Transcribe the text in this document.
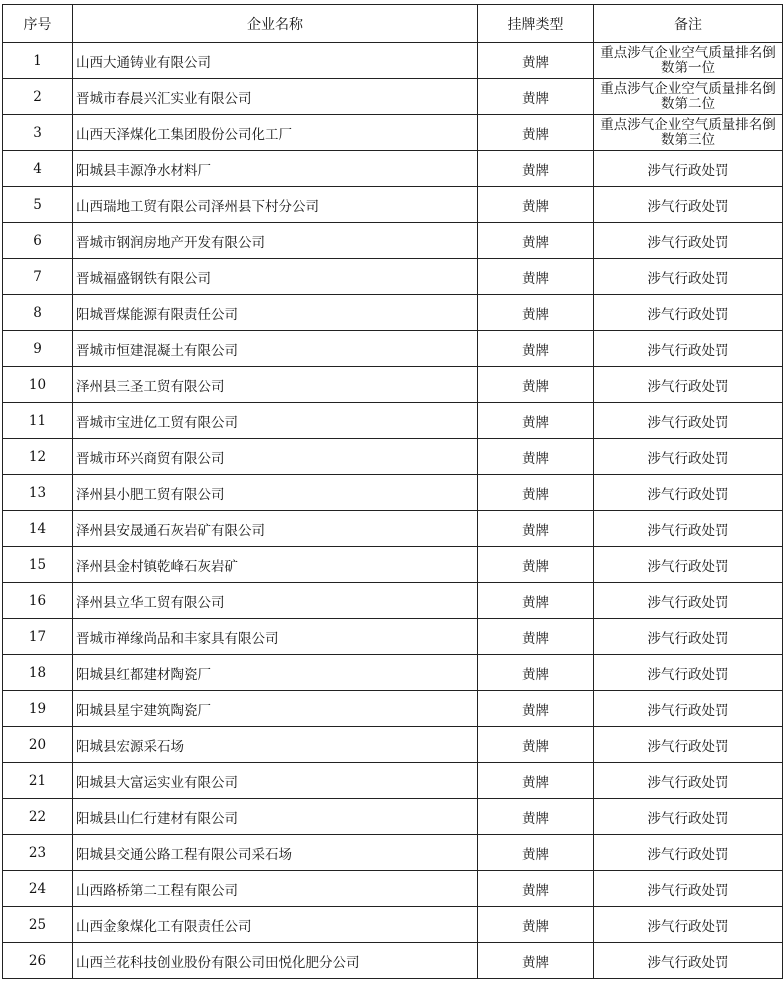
序号	企业名称	挂牌类型	备注
1	山西大通铸业有限公司	黄牌	重点涉气企业空气质量排名倒数第一位
2	晋城市春晨兴汇实业有限公司	黄牌	重点涉气企业空气质量排名倒数第二位
3	山西天泽煤化工集团股份公司化工厂	黄牌	重点涉气企业空气质量排名倒数第三位
4	阳城县丰源净水材料厂	黄牌	涉气行政处罚
5	山西瑞地工贸有限公司泽州县下村分公司	黄牌	涉气行政处罚
6	晋城市钢润房地产开发有限公司	黄牌	涉气行政处罚
7	晋城福盛钢铁有限公司	黄牌	涉气行政处罚
8	阳城晋煤能源有限责任公司	黄牌	涉气行政处罚
9	晋城市恒建混凝土有限公司	黄牌	涉气行政处罚
10	泽州县三圣工贸有限公司	黄牌	涉气行政处罚
11	晋城市宝进亿工贸有限公司	黄牌	涉气行政处罚
12	晋城市环兴商贸有限公司	黄牌	涉气行政处罚
13	泽州县小肥工贸有限公司	黄牌	涉气行政处罚
14	泽州县安晟通石灰岩矿有限公司	黄牌	涉气行政处罚
15	泽州县金村镇乾峰石灰岩矿	黄牌	涉气行政处罚
16	泽州县立华工贸有限公司	黄牌	涉气行政处罚
17	晋城市禅缘尚品和丰家具有限公司	黄牌	涉气行政处罚
18	阳城县红都建材陶瓷厂	黄牌	涉气行政处罚
19	阳城县星宇建筑陶瓷厂	黄牌	涉气行政处罚
20	阳城县宏源采石场	黄牌	涉气行政处罚
21	阳城县大富运实业有限公司	黄牌	涉气行政处罚
22	阳城县山仁行建材有限公司	黄牌	涉气行政处罚
23	阳城县交通公路工程有限公司采石场	黄牌	涉气行政处罚
24	山西路桥第二工程有限公司	黄牌	涉气行政处罚
25	山西金象煤化工有限责任公司	黄牌	涉气行政处罚
26	山西兰花科技创业股份有限公司田悦化肥分公司	黄牌	涉气行政处罚
